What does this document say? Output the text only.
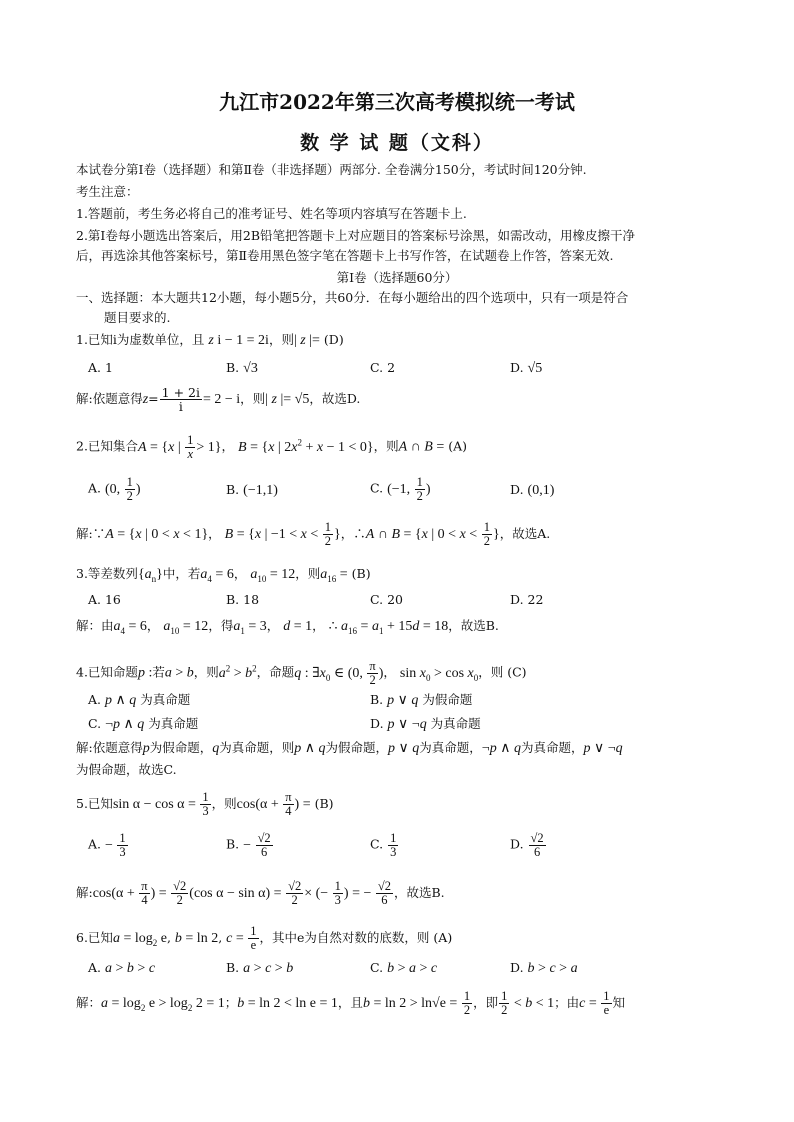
九江市2022年第三次高考模拟统一考试
数 学 试 题（文科）
本试卷分第Ⅰ卷（选择题）和第Ⅱ卷（非选择题）两部分. 全卷满分150分，考试时间120分钟.
考生注意：
1.答题前，考生务必将自己的准考证号、姓名等项内容填写在答题卡上.
2.第Ⅰ卷每小题选出答案后，用2B铅笔把答题卡上对应题目的答案标号涂黑，如需改动，用橡皮擦干净
后，再选涂其他答案标号，第Ⅱ卷用黑色签字笔在答题卡上书写作答，在试题卷上作答，答案无效.
第Ⅰ卷（选择题60分）
一、选择题：本大题共12小题，每小题5分，共60分．在每小题给出的四个选项中，只有一项是符合
题目要求的.
1.已知i为虚数单位，且 z i − 1 = 2i，则| z |= (D)
A. 1	B. √3	C. 2	D. √5
解:依题意得$z= \frac{1 + 2i}{i} = 2 - i$，则| z |= √5，故选D.
2.已知集合A = {x | $\frac{1}{x} > 1$}， B = {x | $2x^2 + x - 1 < 0$}，则A ∩ B = (A)
A. (0, $\frac{1}{2}$ )	B. (−1,1)	C. (−1, $\frac{1}{2}$ )	D. (0,1)
解:∵A = {x | 0 < x < 1}， B = {x | $-1 < x < \frac{1}{2}$ }，∴A ∩ B = {x | $0 < x < \frac{1}{2}$ }，故选A.
3.等差数列$\{a_n\}$中，若$a_4 = 6$， $a_{10} = 12$，则$a_{16} = (B)$
A. 16	B. 18	C. 20	D. 22
解：由$a_4 = 6$， $a_{10} = 12$，得$a_1 = 3$， d = 1， ∴ $a_{16} = a_1 + 15d = 18$，故选B.
4.已知命题p :若a > b，则$a^2 > b^2$，命题q : $\exists x_0$ ∈ (0, $\frac{\pi}{2}$ )， $\sin x_0 > \cos x_0$，则 (C)
A. p ∧ q 为真命题	B. p ∨ q 为假命题
C. ¬p ∧ q 为真命题	D. p ∨ ¬q 为真命题
解:依题意得p为假命题，q为真命题，则p ∧ q为假命题，p ∨ q为真命题，¬p ∧ q为真命题，p ∨ ¬q
为假命题，故选C.
5.已知$\sin \alpha - \cos \alpha = \frac{1}{3}$ ，则$\cos(\alpha + \frac{\pi}{4}$ ) = (B)
A. − $\frac{1}{3}$	B. − $\frac{√2}{6}$	C. $\frac{1}{3}$	D. $\frac{√2}{6}$
解:cos(α + $\frac{\pi}{4}$ ) = $\frac{√2}{2} (\cos$ $\alpha - \sin \alpha) = \frac{√2}{2}$ × (− $\frac{1}{3}$ ) = − $\frac{√2}{6}$ ，故选B.
6.已知$a = \log_2 e$, b = ln 2, $c = \frac{1}{e}$ ，其中e为自然对数的底数，则 (A)
A. a > b > c	B. a > c > b	C. b > a > c	D. b > c > a
解：$a = \log_2 e > \log_2 2 = 1$；b = ln 2 < ln e = 1，且$b = \ln 2 > \ln√e = \frac{1}{2}$ ，即 $\frac{1}{2} < b < 1$；由$c = \frac{1}{e}$ 知
